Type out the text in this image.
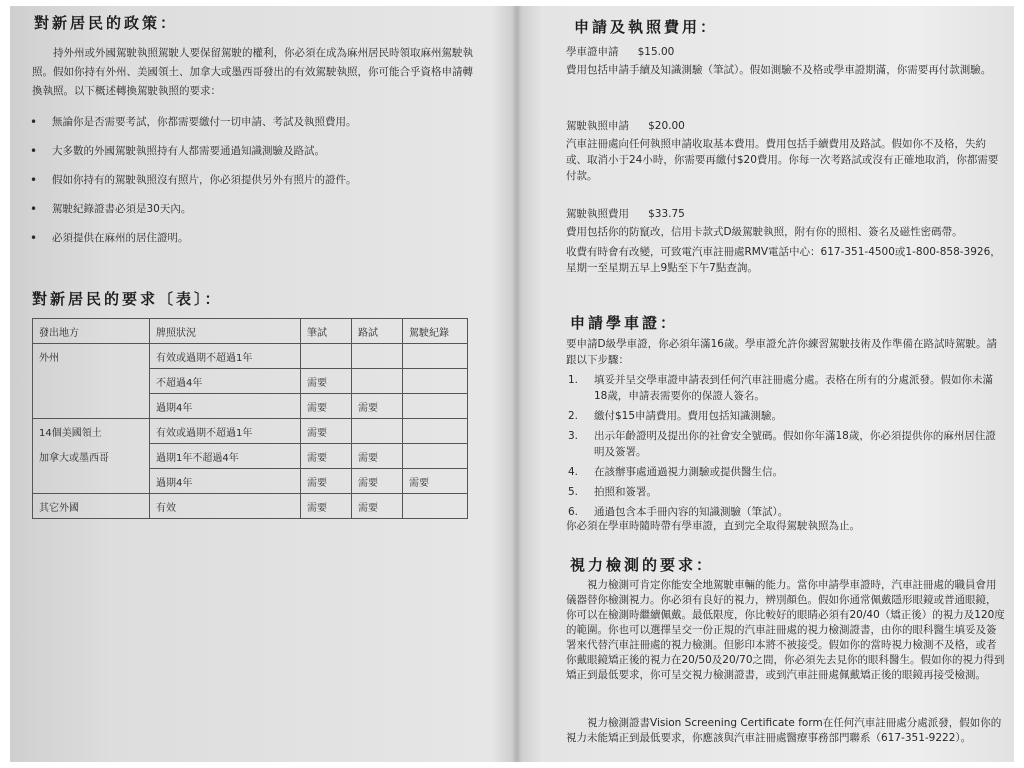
對新居民的政策：

持外州或外國駕駛執照駕駛人要保留駕駛的權利，你必須在成為麻州居民時領取麻州駕駛執照。假如你持有外州、美國領土、加拿大或墨西哥發出的有效駕駛執照，你可能合乎資格申請轉換執照。以下概述轉換駕駛執照的要求：

• 無論你是否需要考試，你都需要繳付一切申請、考試及執照費用。
• 大多數的外國駕駛執照持有人都需要通過知識測驗及路試。
• 假如你持有的駕駛執照沒有照片，你必須提供另外有照片的證件。
• 駕駛紀錄證書必須是30天內。
• 必須提供在麻州的居住證明。
對新居民的要求〔表〕：
發出地方	牌照狀況	筆試	路試	駕駛紀錄
外州	有效或過期不超過1年			
	不超過4年	需要		
	過期4年	需要	需要	
14個美國領土	有效或過期不超過1年	需要		
加拿大或墨西哥	過期1年不超過4年	需要	需要	
	過期4年	需要	需要	需要
其它外國	有效	需要	需要	
申請及執照費用：
學車證申請 $15.00

費用包括申請手續及知識測驗（筆試）。假如測驗不及格或學車證期滿，你需要再付款測驗。

駕駛執照申請 $20.00

汽車註冊處向任何執照申請收取基本費用。費用包括手續費用及路試。假如你不及格，失約或、取消小于24小時，你需要再繳付$20費用。你每一次考路試或沒有正確地取消，你都需要付款。

駕駛執照費用 $33.75

費用包括你的防竄改，信用卡款式D級駕駛執照，附有你的照相、簽名及磁性密碼帶。

收費有時會有改變，可致電汽車註冊處RMV電話中心：617-351-4500或1-800-858-3926，星期一至星期五早上9點至下午7點查詢。

申請學車證：

要申請D級學車證，你必須年滿16歲。學車證允許你練習駕駛技術及作準備在路試時駕駛。請跟以下步驟：

1. 填妥并呈交學車證申請表到任何汽車註冊處分處。表格在所有的分處派發。假如你未滿18歲，申請表需要你的保證人簽名。
2. 繳付$15申請費用。費用包括知識測驗。
3. 出示年齡證明及提出你的社會安全號碼。假如你年滿18歲，你必須提供你的麻州居住證明及簽署。
4. 在該辦事處通過視力測驗或提供醫生信。
5. 拍照和簽署。
6. 通過包含本手冊內容的知識測驗（筆試）。

你必須在學車時隨時帶有學車證，直到完全取得駕駛執照為止。

視力檢測的要求：

視力檢測可肯定你能安全地駕駛車輛的能力。當你申請學車證時，汽車註冊處的職員會用儀器替你檢測視力。你必須有良好的視力，辨別顏色。假如你通常佩戴隱形眼鏡或普通眼鏡，你可以在檢測時繼續佩戴。最低限度，你比較好的眼睛必須有20/40（矯正後）的視力及120度的範圍。你也可以選擇呈交一份正規的汽車註冊處的視力檢測證書，由你的眼科醫生填妥及簽署來代替汽車註冊處的視力檢測。但影印本將不被接受。假如你的當時視力檢測不及格，或者你戴眼鏡矯正後的視力在20/50及20/70之間，你必須先去見你的眼科醫生。假如你的視力得到矯正到最低要求，你可呈交視力檢測證書，或到汽車註冊處佩戴矯正後的眼鏡再接受檢測。

視力檢測證書Vision Screening Certificate form在任何汽車註冊處分處派發，假如你的視力未能矯正到最低要求，你應該與汽車註冊處醫療事務部門聯系（617-351-9222）。
